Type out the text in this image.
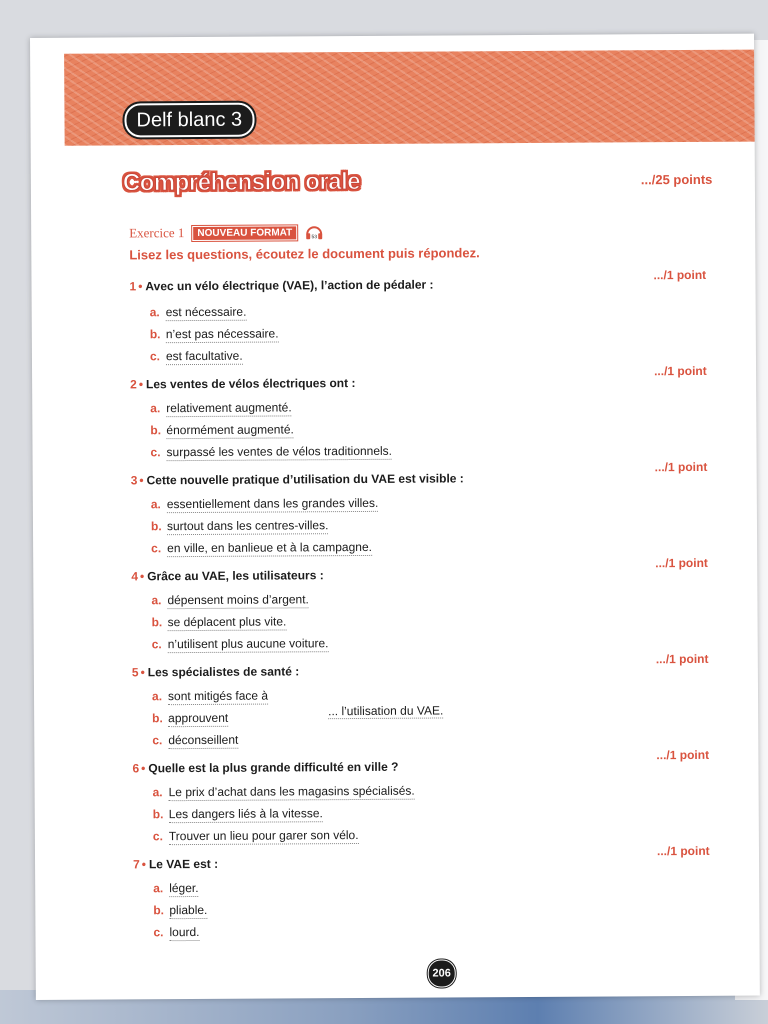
Delf blanc 3
Compréhension orale	.../25 points
Exercice 1	NOUVEAU FORMAT	53
Lisez les questions, écoutez le document puis répondez.
1 • Avec un vélo électrique (VAE), l’action de pédaler :
.../1 point
a. est nécessaire.
b. n’est pas nécessaire.
c. est facultative.
2 • Les ventes de vélos électriques ont :
.../1 point
a. relativement augmenté.
b. énormément augmenté.
c. surpassé les ventes de vélos traditionnels.
3 • Cette nouvelle pratique d’utilisation du VAE est visible :
.../1 point
a. essentiellement dans les grandes villes.
b. surtout dans les centres-villes.
c. en ville, en banlieue et à la campagne.
4 • Grâce au VAE, les utilisateurs :
.../1 point
a. dépensent moins d’argent.
b. se déplacent plus vite.
c. n’utilisent plus aucune voiture.
5 • Les spécialistes de santé :
.../1 point
a. sont mitigés face à
b. approuvent
c. déconseillent
... l’utilisation du VAE.
6 • Quelle est la plus grande difficulté en ville ?
.../1 point
a. Le prix d’achat dans les magasins spécialisés.
b. Les dangers liés à la vitesse.
c. Trouver un lieu pour garer son vélo.
7 • Le VAE est :
.../1 point
a. léger.
b. pliable.
c. lourd.
206
